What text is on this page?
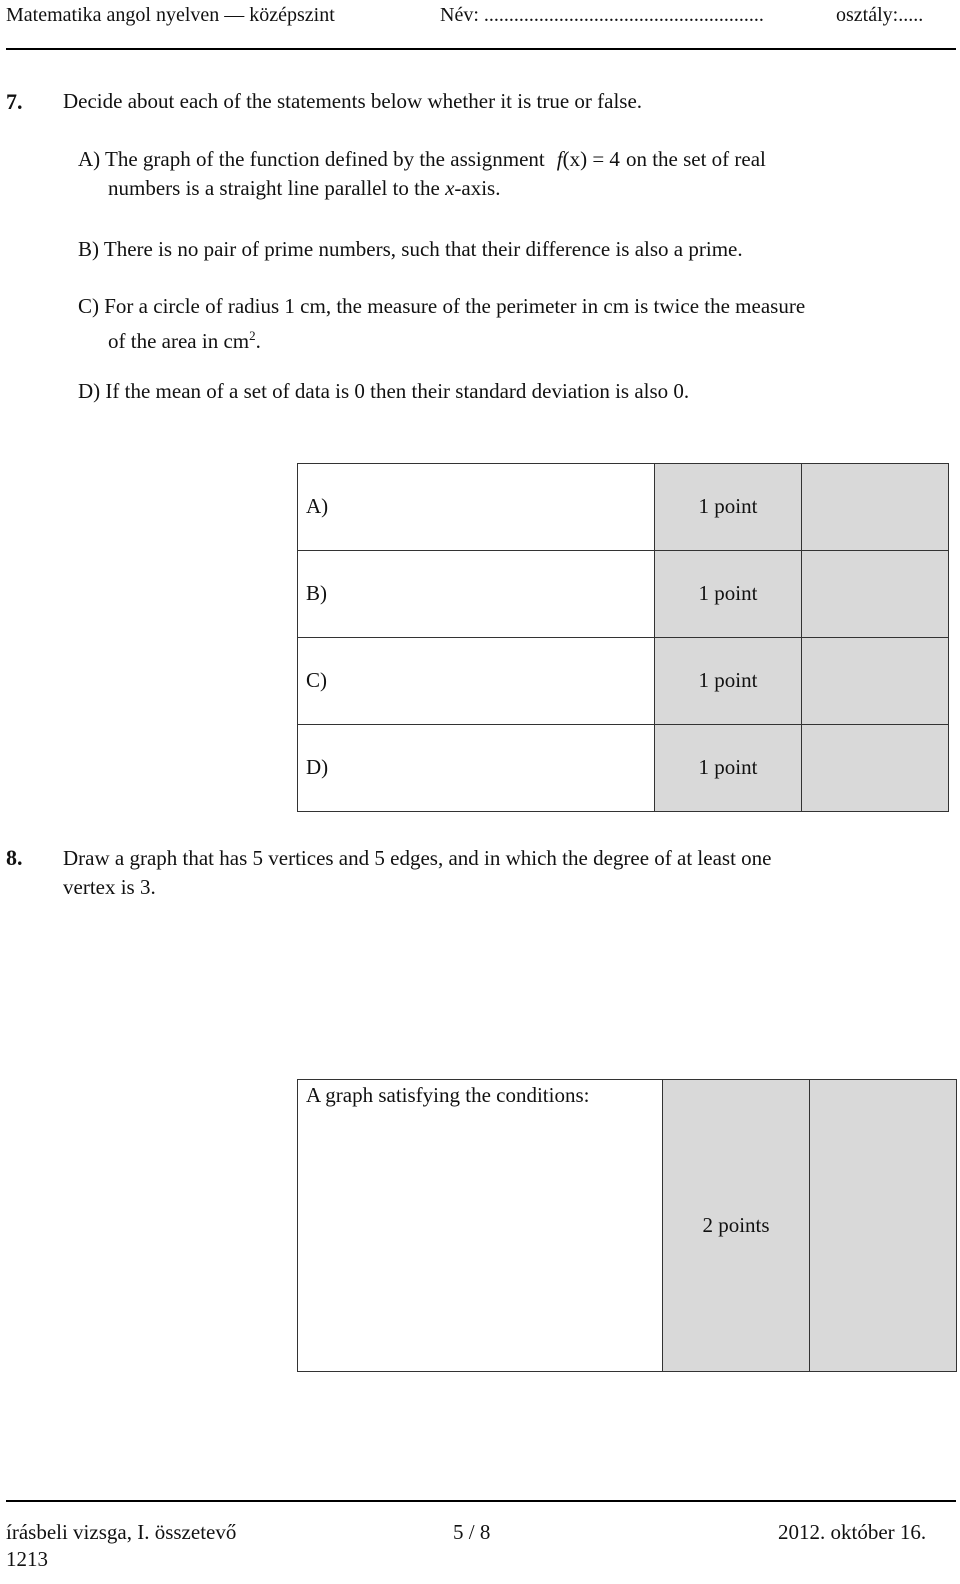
Matematika angol nyelven — középszint	Név: ........................................................	osztály:.....
7. Decide about each of the statements below whether it is true or false.
A) The graph of the function defined by the assignment f(x) = 4 on the set of real
numbers is a straight line parallel to the x-axis.
B) There is no pair of prime numbers, such that their difference is also a prime.
C) For a circle of radius 1 cm, the measure of the perimeter in cm is twice the measure
of the area in $cm^2$.
D) If the mean of a set of data is 0 then their standard deviation is also 0.
A)	1 point	
B)	1 point	
C)	1 point	
D)	1 point	
8. Draw a graph that has 5 vertices and 5 edges, and in which the degree of at least one
vertex is 3.
A graph satisfying the conditions:
	2 points	
írásbeli vizsga, I. összetevő	5 / 8	2012. október 16.
1213
